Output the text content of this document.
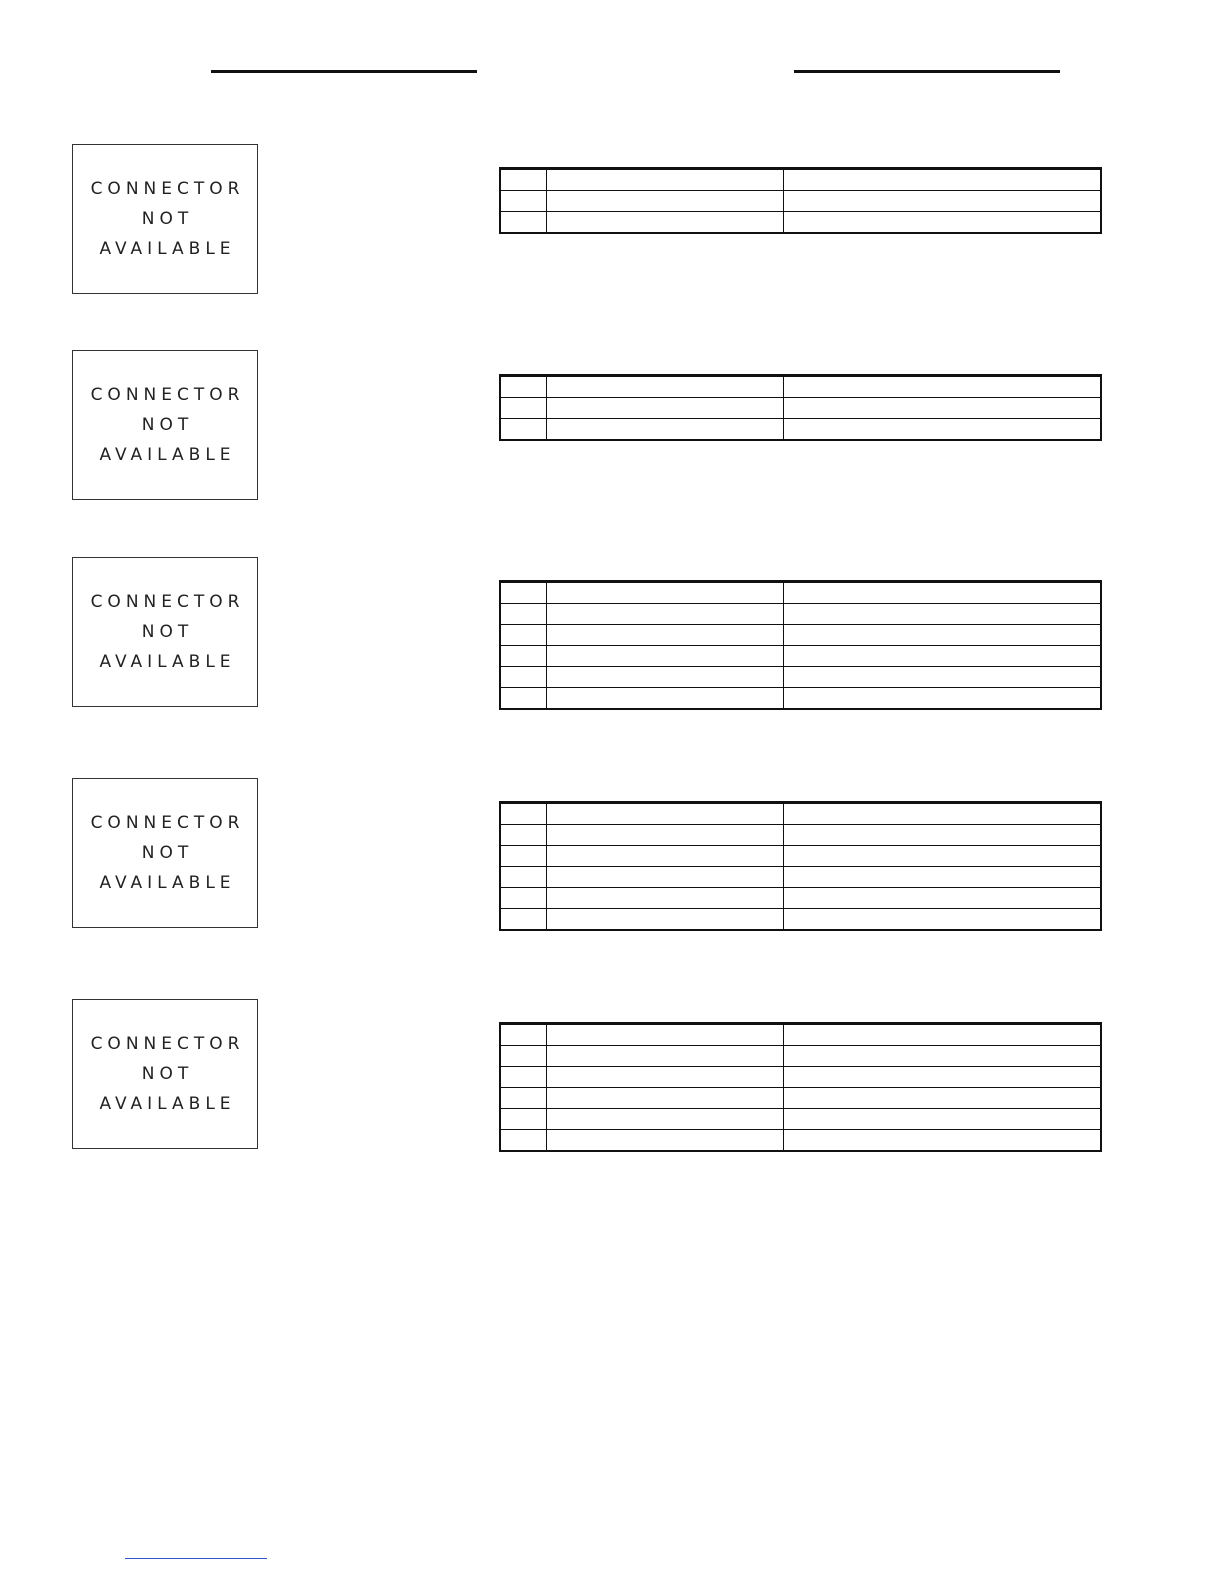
CONNECTOR
NOT
AVAILABLE

CONNECTOR
NOT
AVAILABLE

CONNECTOR
NOT
AVAILABLE

CONNECTOR
NOT
AVAILABLE

CONNECTOR
NOT
AVAILABLE
